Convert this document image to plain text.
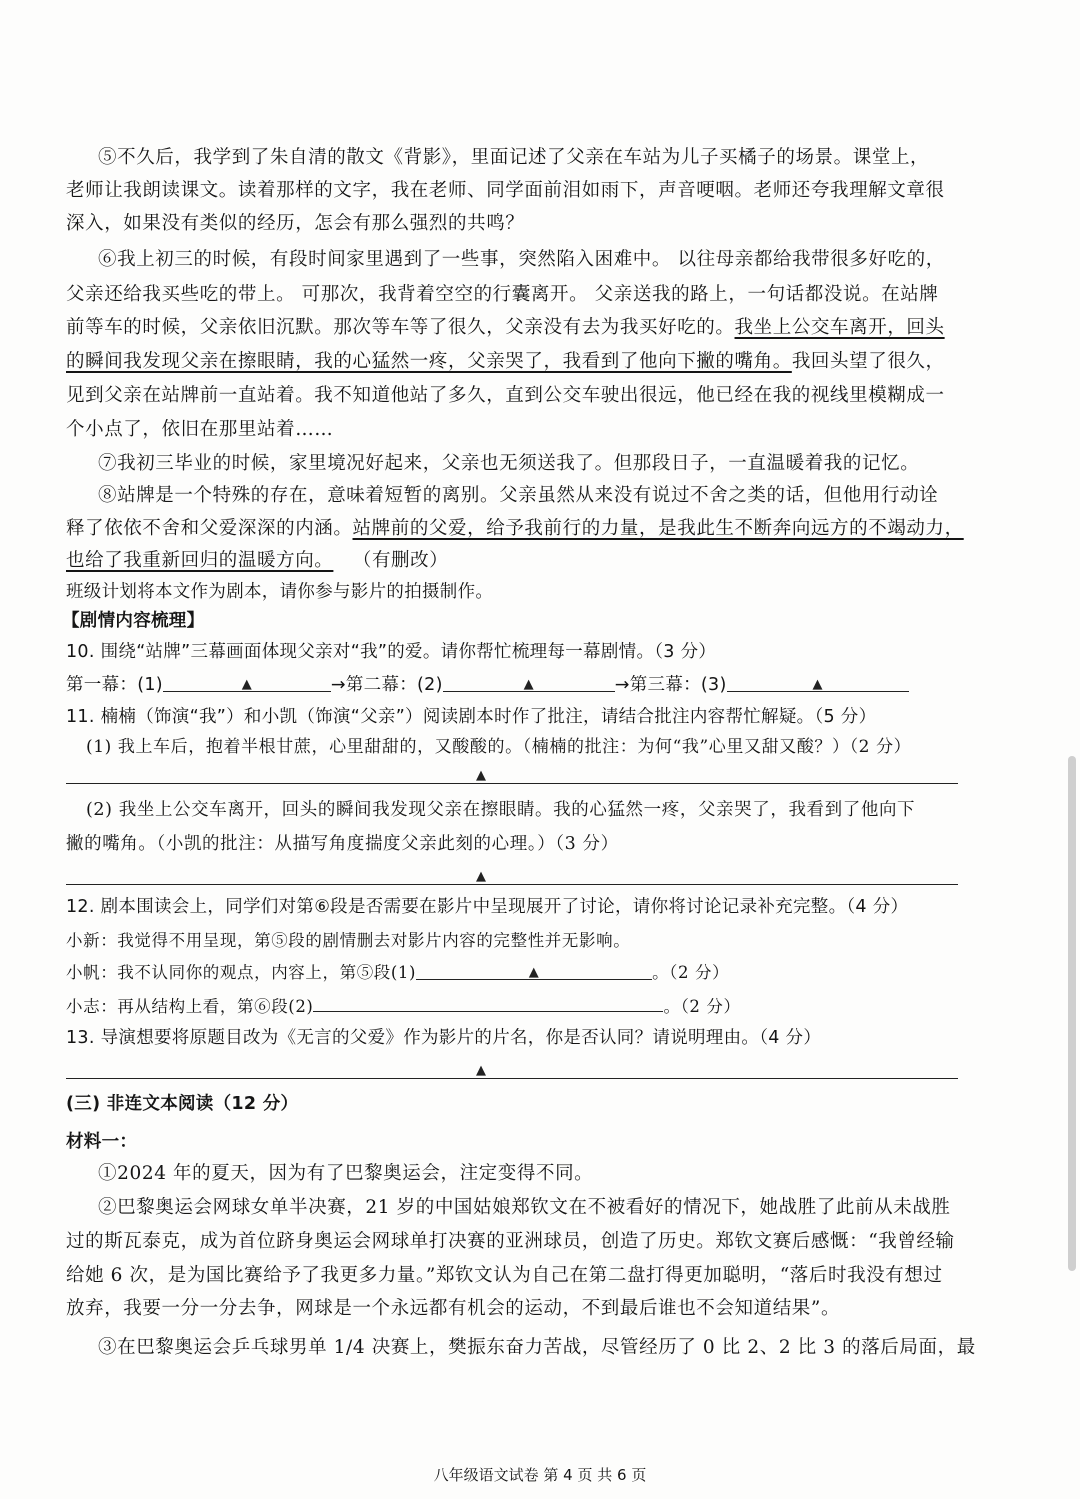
⑤不久后，我学到了朱自清的散文《背影》，里面记述了父亲在车站为儿子买橘子的场景。课堂上，
老师让我朗读课文。读着那样的文字，我在老师、同学面前泪如雨下，声音哽咽。老师还夸我理解文章很
深入，如果没有类似的经历，怎会有那么强烈的共鸣？
⑥我上初三的时候，有段时间家里遇到了一些事，突然陷入困难中。 以往母亲都给我带很多好吃的，
父亲还给我买些吃的带上。 可那次，我背着空空的行囊离开。 父亲送我的路上，一句话都没说。在站牌
前等车的时候，父亲依旧沉默。那次等车等了很久，父亲没有去为我买好吃的。我坐上公交车离开，回头
的瞬间我发现父亲在擦眼睛，我的心猛然一疼，父亲哭了，我看到了他向下撇的嘴角。我回头望了很久，
见到父亲在站牌前一直站着。我不知道他站了多久，直到公交车驶出很远，他已经在我的视线里模糊成一
个小点了，依旧在那里站着……
⑦我初三毕业的时候，家里境况好起来，父亲也无须送我了。但那段日子，一直温暖着我的记忆。
⑧站牌是一个特殊的存在，意味着短暂的离别。父亲虽然从来没有说过不舍之类的话，但他用行动诠
释了依依不舍和父爱深深的内涵。站牌前的父爱，给予我前行的力量，是我此生不断奔向远方的不竭动力，
也给了我重新回归的温暖方向。 （有删改）
班级计划将本文作为剧本，请你参与影片的拍摄制作。
【剧情内容梳理】
10. 围绕“站牌”三幕画面体现父亲对“我”的爱。请你帮忙梳理每一幕剧情。（3 分）
第一幕：(1)	▲	→第二幕：(2)	▲	→第三幕：(3)	▲
11. 楠楠（饰演“我”）和小凯（饰演“父亲”）阅读剧本时作了批注，请结合批注内容帮忙解疑。（5 分）
(1) 我上车后，抱着半根甘蔗，心里甜甜的，又酸酸的。（楠楠的批注：为何“我”心里又甜又酸？）（2 分）
▲
(2) 我坐上公交车离开，回头的瞬间我发现父亲在擦眼睛。我的心猛然一疼，父亲哭了，我看到了他向下
撇的嘴角。（小凯的批注：从描写角度揣度父亲此刻的心理。）（3 分）
▲
12. 剧本围读会上，同学们对第⑥段是否需要在影片中呈现展开了讨论，请你将讨论记录补充完整。（4 分）
小新：我觉得不用呈现，第⑤段的剧情删去对影片内容的完整性并无影响。
小帆：我不认同你的观点，内容上，第⑤段(1)	▲	。（2 分）
小志：再从结构上看，第⑥段(2)	。（2 分）
13. 导演想要将原题目改为《无言的父爱》作为影片的片名，你是否认同？请说明理由。（4 分）
▲
(三) 非连文本阅读（12 分）
材料一：
①2024 年的夏天，因为有了巴黎奥运会，注定变得不同。
②巴黎奥运会网球女单半决赛，21 岁的中国姑娘郑钦文在不被看好的情况下，她战胜了此前从未战胜
过的斯瓦泰克，成为首位跻身奥运会网球单打决赛的亚洲球员，创造了历史。郑钦文赛后感慨：“我曾经输
给她 6 次，是为国比赛给予了我更多力量。”郑钦文认为自己在第二盘打得更加聪明，“落后时我没有想过
放弃，我要一分一分去争，网球是一个永远都有机会的运动，不到最后谁也不会知道结果”。
③在巴黎奥运会乒乓球男单 1/4 决赛上，樊振东奋力苦战，尽管经历了 0 比 2、2 比 3 的落后局面，最
八年级语文试卷 第 4 页 共 6 页
